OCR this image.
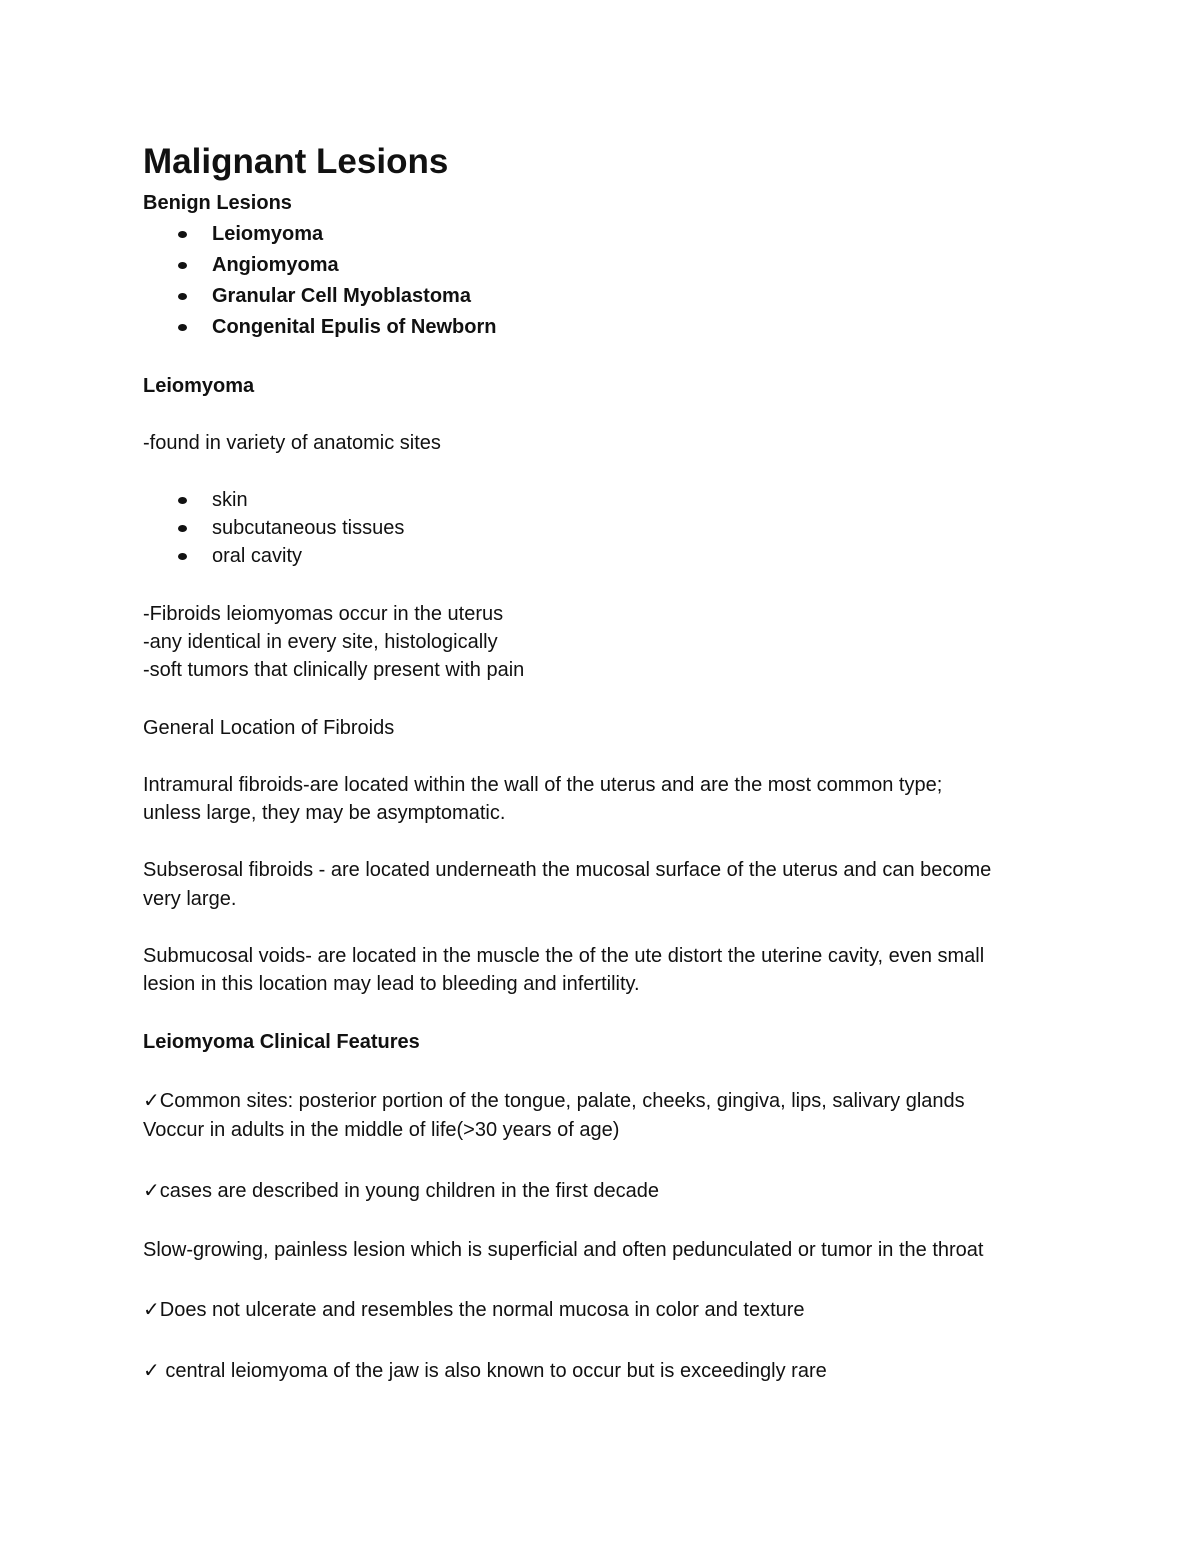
Malignant Lesions
Benign Lesions
Leiomyoma
Angiomyoma
Granular Cell Myoblastoma
Congenital Epulis of Newborn
Leiomyoma
-found in variety of anatomic sites
skin
subcutaneous tissues
oral cavity
-Fibroids leiomyomas occur in the uterus
-any identical in every site, histologically
-soft tumors that clinically present with pain
General Location of Fibroids
Intramural fibroids-are located within the wall of the uterus and are the most common type;
unless large, they may be asymptomatic.
Subserosal fibroids - are located underneath the mucosal surface of the uterus and can become
very large.
Submucosal voids- are located in the muscle the of the ute distort the uterine cavity, even small
lesion in this location may lead to bleeding and infertility.
Leiomyoma Clinical Features
✓Common sites: posterior portion of the tongue, palate, cheeks, gingiva, lips, salivary glands
Voccur in adults in the middle of life(>30 years of age)
✓cases are described in young children in the first decade
Slow-growing, painless lesion which is superficial and often pedunculated or tumor in the throat
✓Does not ulcerate and resembles the normal mucosa in color and texture
✓ central leiomyoma of the jaw is also known to occur but is exceedingly rare
